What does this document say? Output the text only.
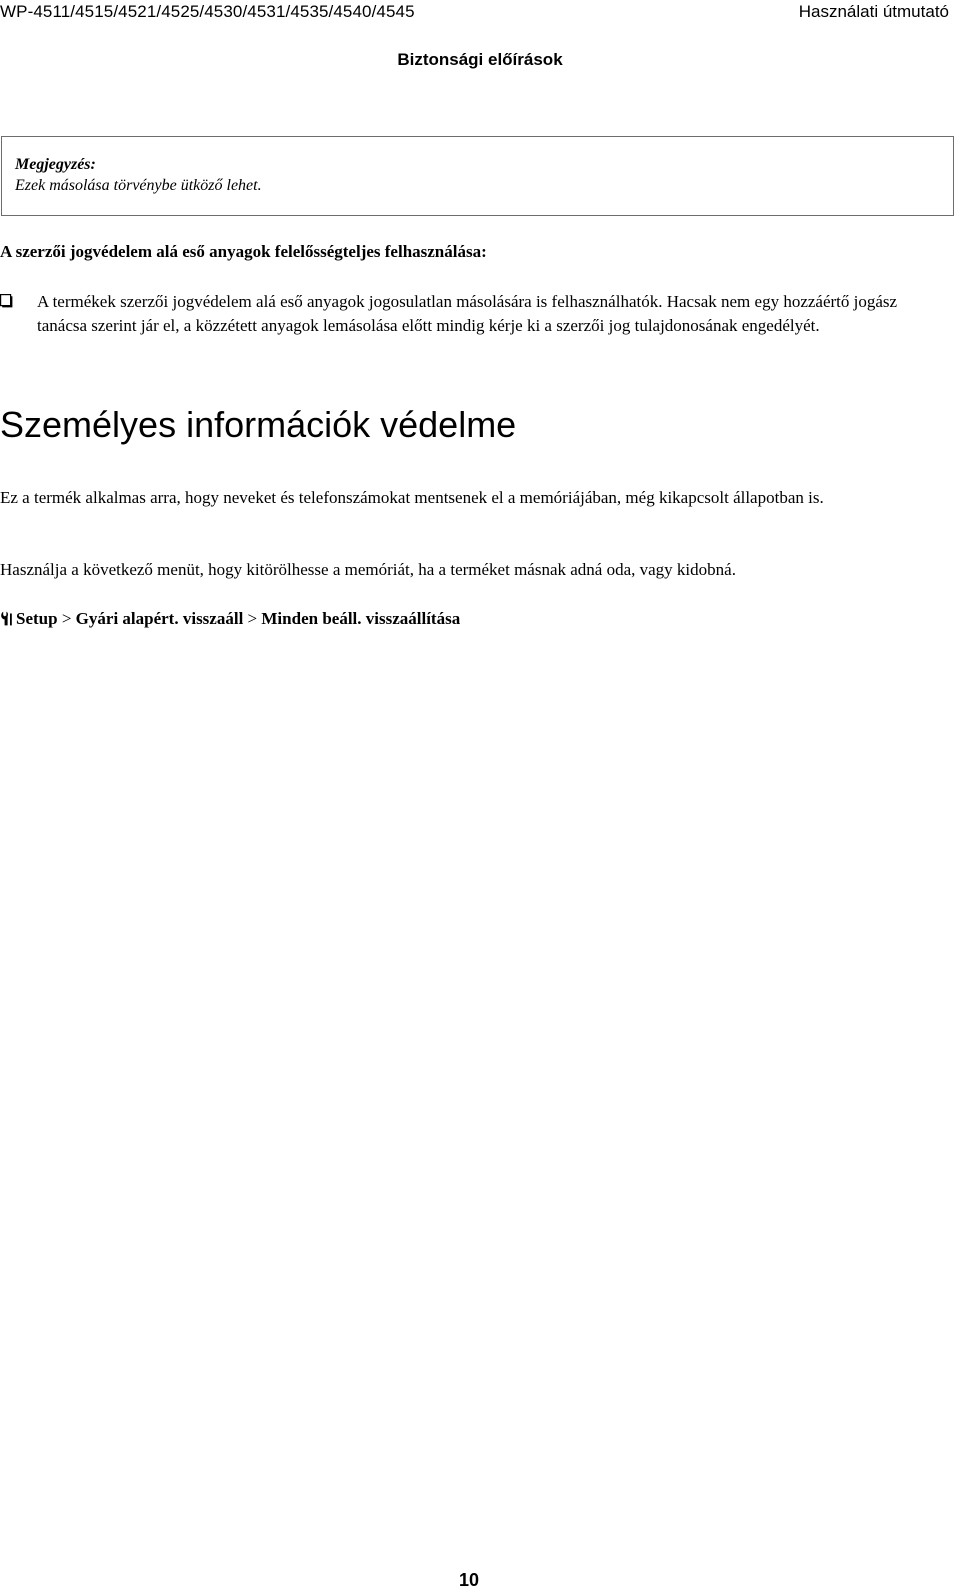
WP-4511/4515/4521/4525/4530/4531/4535/4540/4545	Használati útmutató
Biztonsági előírások
Megjegyzés:
Ezek másolása törvénybe ütköző lehet.
A szerzői jogvédelem alá eső anyagok felelősségteljes felhasználása:
A termékek szerzői jogvédelem alá eső anyagok jogosulatlan másolására is felhasználhatók. Hacsak nem egy hozzáértő jogász tanácsa szerint jár el, a közzétett anyagok lemásolása előtt mindig kérje ki a szerzői jog tulajdonosának engedélyét.
Személyes információk védelme
Ez a termék alkalmas arra, hogy neveket és telefonszámokat mentsenek el a memóriájában, még kikapcsolt állapotban is.
Használja a következő menüt, hogy kitörölhesse a memóriát, ha a terméket másnak adná oda, vagy kidobná.
Setup > Gyári alapért. visszaáll > Minden beáll. visszaállítása
10
